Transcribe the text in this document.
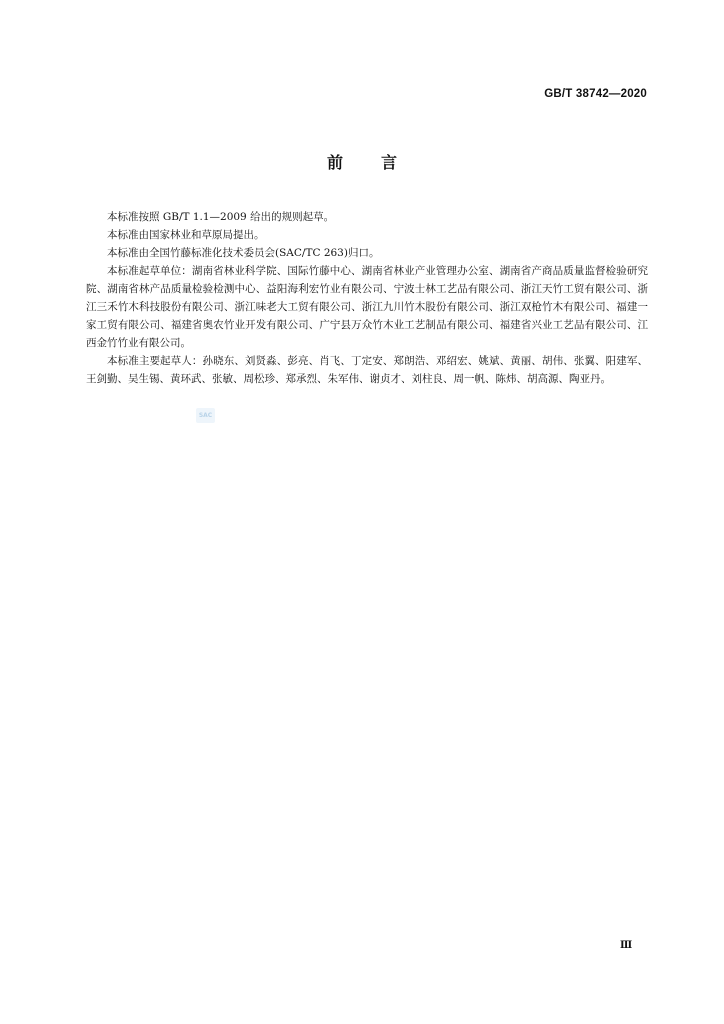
GB/T 38742—2020
前 言

本标准按照 GB/T 1.1—2009 给出的规则起草。

本标准由国家林业和草原局提出。

本标准由全国竹藤标准化技术委员会(SAC/TC 263)归口。

本标准起草单位：湖南省林业科学院、国际竹藤中心、湖南省林业产业管理办公室、湖南省产商品质量监督检验研究院、湖南省林产品质量检验检测中心、益阳海利宏竹业有限公司、宁波士林工艺品有限公司、浙江天竹工贸有限公司、浙江三禾竹木科技股份有限公司、浙江味老大工贸有限公司、浙江九川竹木股份有限公司、浙江双枪竹木有限公司、福建一家工贸有限公司、福建省奥农竹业开发有限公司、广宁县万众竹木业工艺制品有限公司、福建省兴业工艺品有限公司、江西金竹竹业有限公司。

本标准主要起草人：孙晓东、刘贤淼、彭亮、肖飞、丁定安、郑朗浩、邓绍宏、姚斌、黄丽、胡伟、张翼、阳建军、王剑勤、吴生锡、黄环武、张敏、周松珍、郑承烈、朱军伟、谢贞才、刘柱良、周一帆、陈炜、胡高源、陶亚丹。

SAC
Ⅲ
